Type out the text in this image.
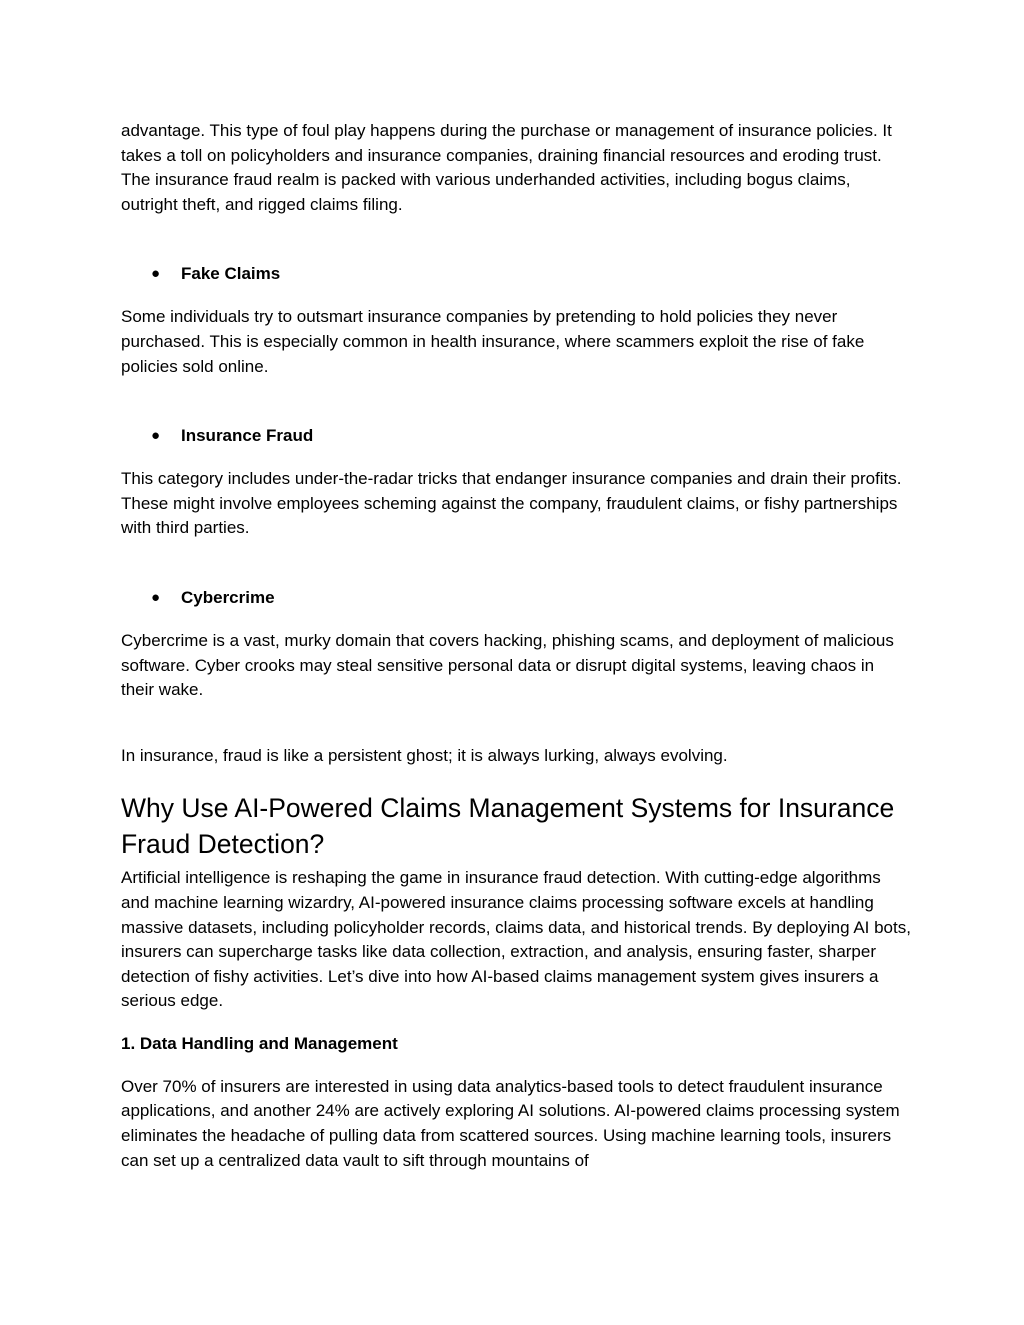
advantage. This type of foul play happens during the purchase or management of insurance policies. It takes a toll on policyholders and insurance companies, draining financial resources and eroding trust. The insurance fraud realm is packed with various underhanded activities, including bogus claims, outright theft, and rigged claims filing.

●	Fake Claims

Some individuals try to outsmart insurance companies by pretending to hold policies they never purchased. This is especially common in health insurance, where scammers exploit the rise of fake policies sold online.

●	Insurance Fraud

This category includes under-the-radar tricks that endanger insurance companies and drain their profits. These might involve employees scheming against the company, fraudulent claims, or fishy partnerships with third parties.

●	Cybercrime

Cybercrime is a vast, murky domain that covers hacking, phishing scams, and deployment of malicious software. Cyber crooks may steal sensitive personal data or disrupt digital systems, leaving chaos in their wake.

In insurance, fraud is like a persistent ghost; it is always lurking, always evolving.

Why Use AI-Powered Claims Management Systems for Insurance Fraud Detection?

Artificial intelligence is reshaping the game in insurance fraud detection. With cutting-edge algorithms and machine learning wizardry, AI-powered insurance claims processing software excels at handling massive datasets, including policyholder records, claims data, and historical trends. By deploying AI bots, insurers can supercharge tasks like data collection, extraction, and analysis, ensuring faster, sharper detection of fishy activities. Let’s dive into how AI-based claims management system gives insurers a serious edge.

1. Data Handling and Management

Over 70% of insurers are interested in using data analytics-based tools to detect fraudulent insurance applications, and another 24% are actively exploring AI solutions. AI-powered claims processing system eliminates the headache of pulling data from scattered sources. Using machine learning tools, insurers can set up a centralized data vault to sift through mountains of
